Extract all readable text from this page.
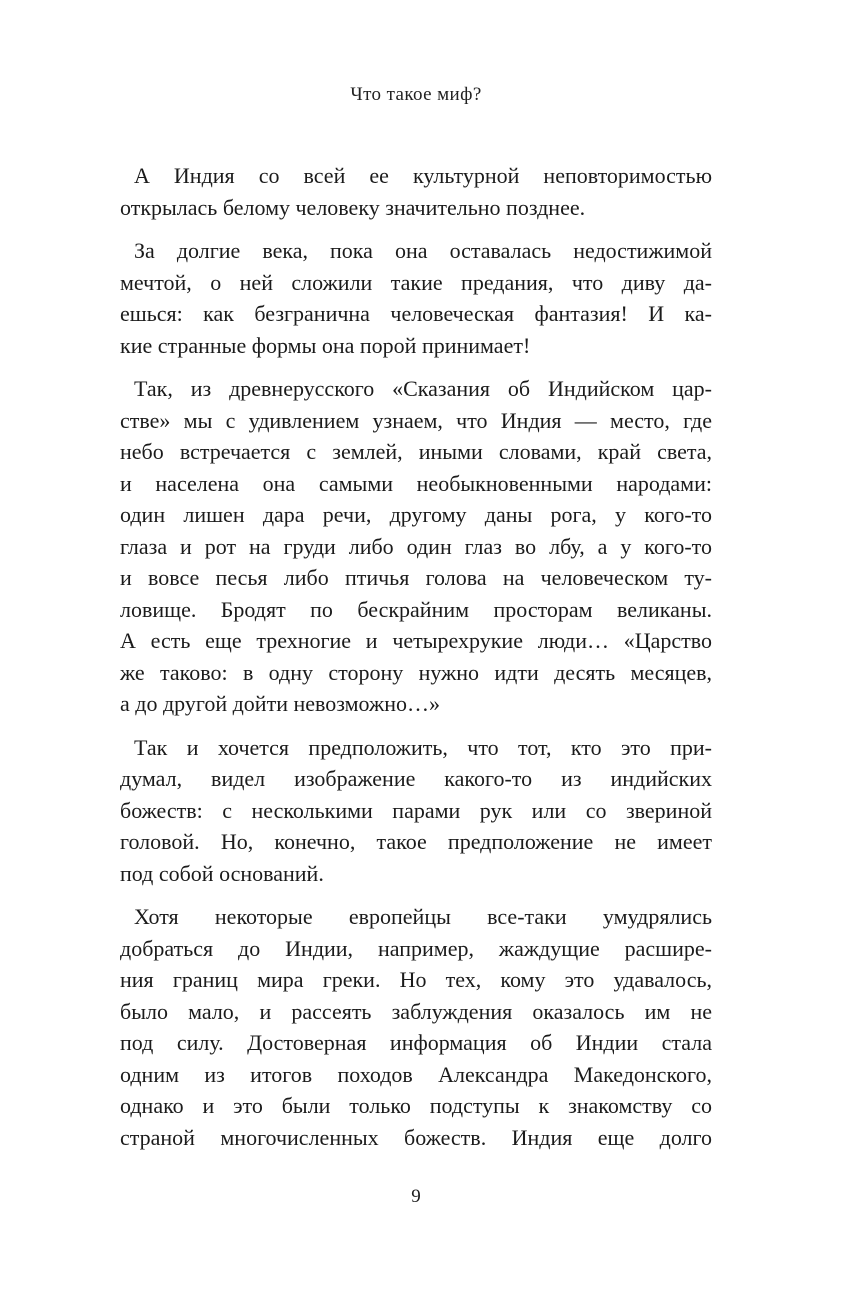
Что такое миф?
А Индия со всей ее культурной неповторимостью
открылась белому человеку значительно позднее.
За долгие века, пока она оставалась недостижимой
мечтой, о ней сложили такие предания, что диву да-
ешься: как безгранична человеческая фантазия! И ка-
кие странные формы она порой принимает!
Так, из древнерусского «Сказания об Индийском цар-
стве» мы с удивлением узнаем, что Индия — место, где
небо встречается с землей, иными словами, край света,
и населена она самыми необыкновенными народами:
один лишен дара речи, другому даны рога, у кого-то
глаза и рот на груди либо один глаз во лбу, а у кого-то
и вовсе песья либо птичья голова на человеческом ту-
ловище. Бродят по бескрайним просторам великаны.
А есть еще трехногие и четырехрукие люди… «Царство
же таково: в одну сторону нужно идти десять месяцев,
а до другой дойти невозможно…»
Так и хочется предположить, что тот, кто это при-
думал, видел изображение какого-то из индийских
божеств: с несколькими парами рук или со звериной
головой. Но, конечно, такое предположение не имеет
под собой оснований.
Хотя некоторые европейцы все-таки умудрялись
добраться до Индии, например, жаждущие расшире-
ния границ мира греки. Но тех, кому это удавалось,
было мало, и рассеять заблуждения оказалось им не
под силу. Достоверная информация об Индии стала
одним из итогов походов Александра Македонского,
однако и это были только подступы к знакомству со
страной многочисленных божеств. Индия еще долго
9
